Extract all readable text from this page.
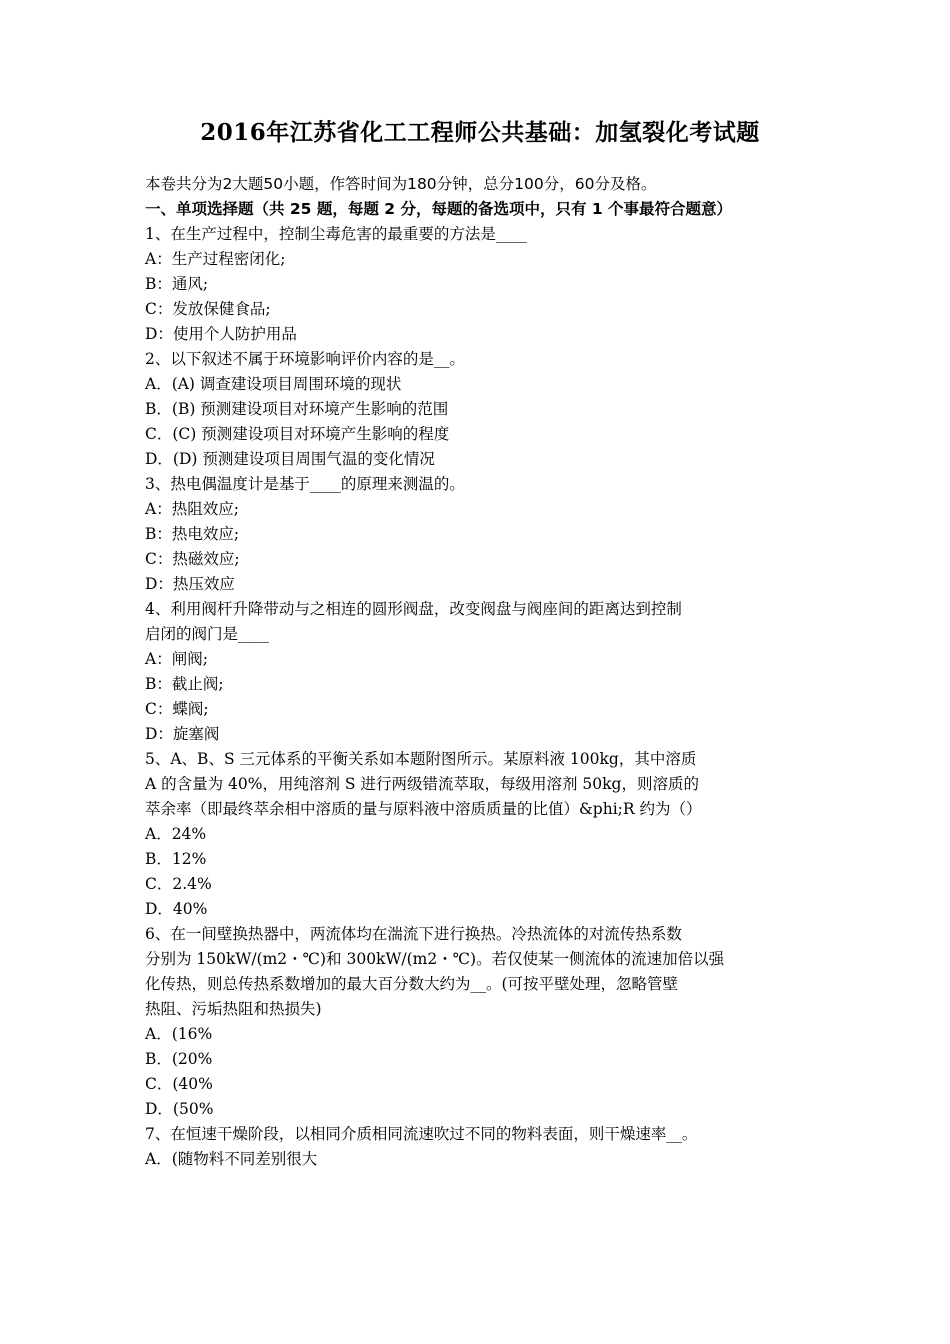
2016年江苏省化工工程师公共基础：加氢裂化考试题

本卷共分为2大题50小题，作答时间为180分钟，总分100分，60分及格。

一、单项选择题（共 25 题，每题 2 分，每题的备选项中，只有 1 个事最符合题意）

1、在生产过程中，控制尘毒危害的最重要的方法是____

A：生产过程密闭化;

B：通风;

C：发放保健食品;

D：使用个人防护用品

2、以下叙述不属于环境影响评价内容的是__。

A．(A) 调查建设项目周围环境的现状

B．(B) 预测建设项目对环境产生影响的范围

C．(C) 预测建设项目对环境产生影响的程度

D．(D) 预测建设项目周围气温的变化情况

3、热电偶温度计是基于____的原理来测温的。

A：热阻效应;

B：热电效应;

C：热磁效应;

D：热压效应

4、利用阀杆升降带动与之相连的圆形阀盘，改变阀盘与阀座间的距离达到控制

启闭的阀门是____

A：闸阀;

B：截止阀;

C：蝶阀;

D：旋塞阀

5、A、B、S 三元体系的平衡关系如本题附图所示。某原料液 100kg，其中溶质

A 的含量为 40%，用纯溶剂 S 进行两级错流萃取，每级用溶剂 50kg，则溶质的

萃余率（即最终萃余相中溶质的量与原料液中溶质质量的比值）&phi;R 约为（）

A．24%

B．12%

C．2.4%

D．40%

6、在一间壁换热器中，两流体均在湍流下进行换热。冷热流体的对流传热系数

分别为 150kW/(m2・℃)和 300kW/(m2・℃)。若仅使某一侧流体的流速加倍以强

化传热，则总传热系数增加的最大百分数大约为__。(可按平壁处理，忽略管壁

热阻、污垢热阻和热损失)

A．(16%

B．(20%

C．(40%

D．(50%

7、在恒速干燥阶段，以相同介质相同流速吹过不同的物料表面，则干燥速率__。

A．(随物料不同差别很大
